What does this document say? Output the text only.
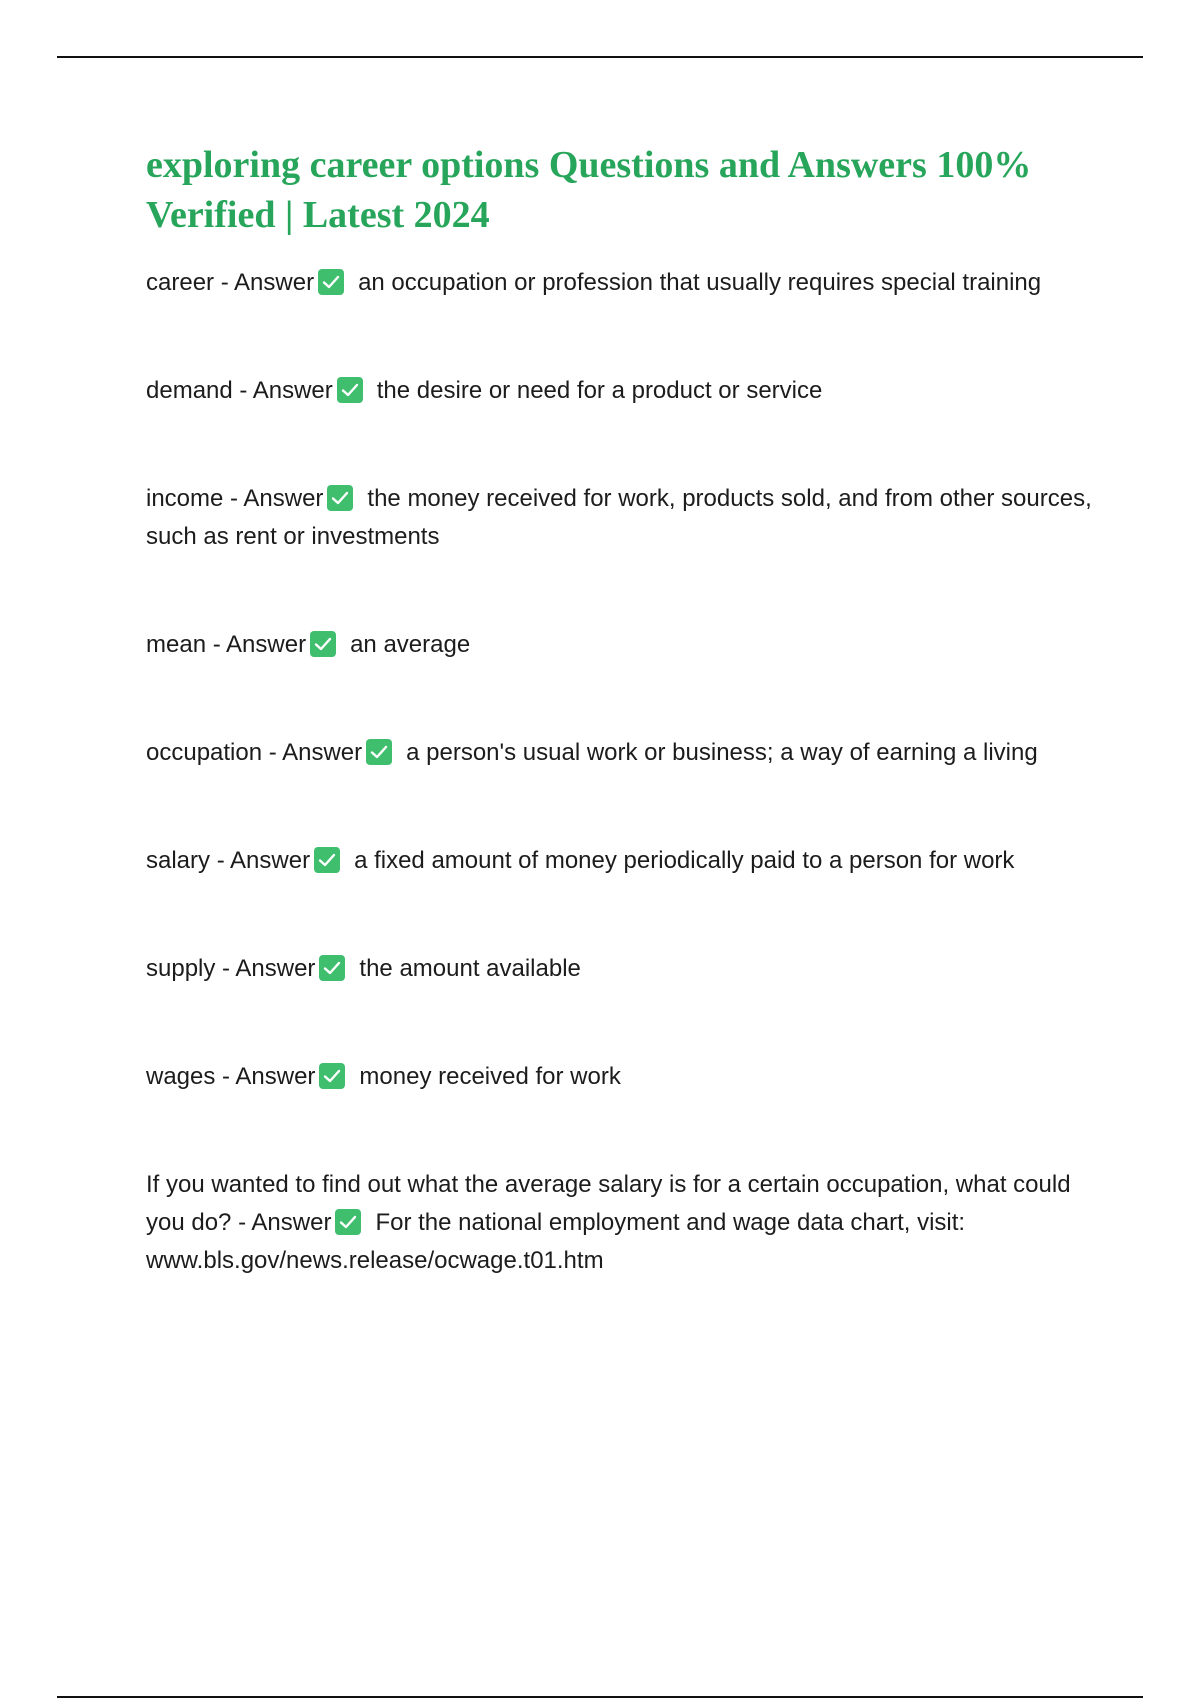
exploring career options Questions and Answers 100% Verified | Latest 2024
career - Answer an occupation or profession that usually requires special training
demand - Answer the desire or need for a product or service
income - Answer the money received for work, products sold, and from other sources, such as rent or investments
mean - Answer an average
occupation - Answer a person's usual work or business; a way of earning a living
salary - Answer a fixed amount of money periodically paid to a person for work
supply - Answer the amount available
wages - Answer money received for work
If you wanted to find out what the average salary is for a certain occupation, what could you do? - Answer For the national employment and wage data chart, visit: www.bls.gov/news.release/ocwage.t01.htm
